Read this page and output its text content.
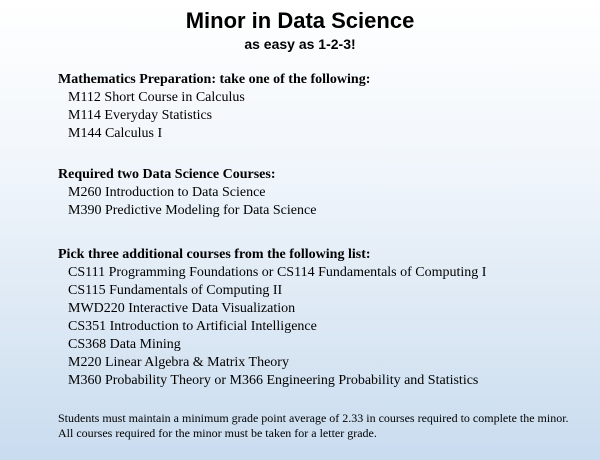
Minor in Data Science
as easy as 1-2-3!
Mathematics Preparation: take one of the following:
M112 Short Course in Calculus
M114 Everyday Statistics
M144 Calculus I
Required two Data Science Courses:
M260 Introduction to Data Science
M390 Predictive Modeling for Data Science
Pick three additional courses from the following list:
CS111 Programming Foundations or CS114 Fundamentals of Computing I
CS115 Fundamentals of Computing II
MWD220 Interactive Data Visualization
CS351 Introduction to Artificial Intelligence
CS368 Data Mining
M220 Linear Algebra & Matrix Theory
M360 Probability Theory or M366 Engineering Probability and Statistics
Students must maintain a minimum grade point average of 2.33 in courses required to complete the minor. All courses required for the minor must be taken for a letter grade.
